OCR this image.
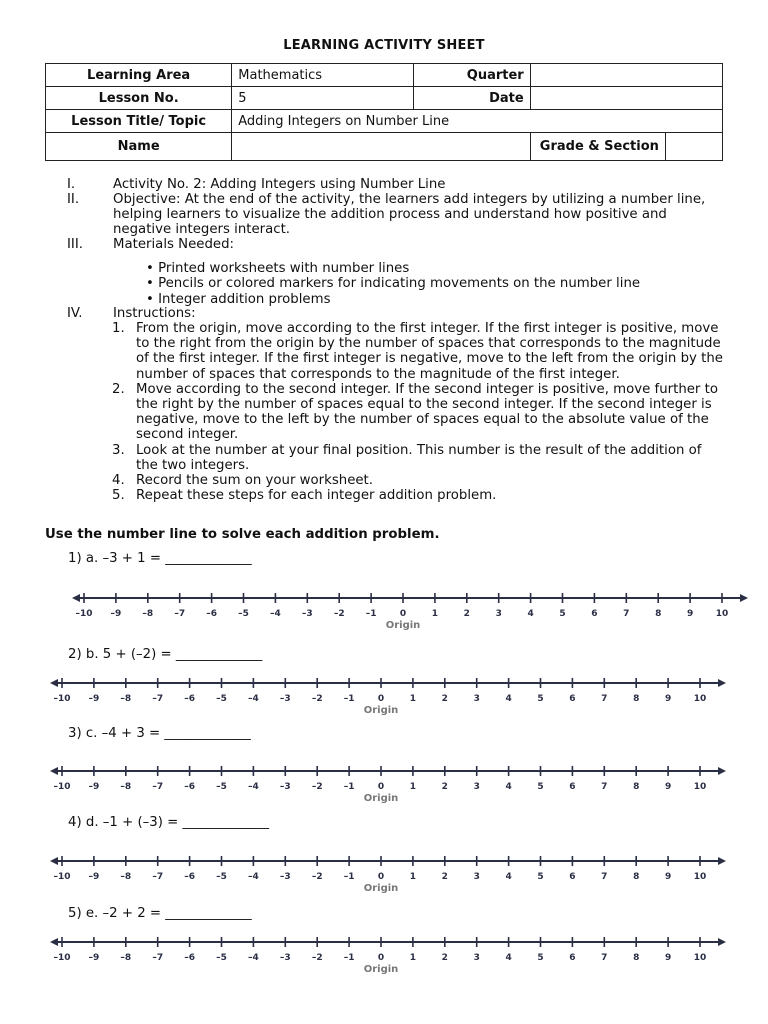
LEARNING ACTIVITY SHEET
Learning Area	Mathematics	Quarter		
Lesson No.	5	Date		
Lesson Title/ Topic	Adding Integers on Number Line			
Name			Grade & Section	
I.	Activity No. 2: Adding Integers using Number Line
II.	Objective: At the end of the activity, the learners add integers by utilizing a number line, helping learners to visualize the addition process and understand how positive and negative integers interact.
III.	Materials Needed:
• Printed worksheets with number lines
• Pencils or colored markers for indicating movements on the number line
• Integer addition problems
IV.	Instructions:
1. From the origin, move according to the first integer. If the first integer is positive, move to the right from the origin by the number of spaces that corresponds to the magnitude of the first integer. If the first integer is negative, move to the left from the origin by the number of spaces that corresponds to the magnitude of the first integer.
2. Move according to the second integer. If the second integer is positive, move further to the right by the number of spaces equal to the second integer. If the second integer is negative, move to the left by the number of spaces equal to the absolute value of the second integer.
3. Look at the number at your final position. This number is the result of the addition of the two integers.
4. Record the sum on your worksheet.
5. Repeat these steps for each integer addition problem.
Use the number line to solve each addition problem.
1) a. –3 + 1 = _____________
–10 –9 –8 –7 –6 –5 –4 –3 –2 –1	0
Origin
1	2	3	4	5	6	7	8	9	10
2) b. 5 + (–2) = _____________
–10 –9 –8 –7 –6 –5 –4 –3 –2 –1	0
Origin
1	2	3	4	5	6	7	8	9	10
3) c. –4 + 3 = _____________
–10 –9 –8 –7 –6 –5 –4 –3 –2 –1	0
Origin
1	2	3	4	5	6	7	8	9	10
4) d. –1 + (–3) = _____________
–10 –9 –8 –7 –6 –5 –4 –3 –2 –1	0
Origin
1	2	3	4	5	6	7	8	9	10
5) e. –2 + 2 = _____________
–10 –9 –8 –7 –6 –5 –4 –3 –2 –1	0
Origin
1	2	3	4	5	6	7	8	9	10
